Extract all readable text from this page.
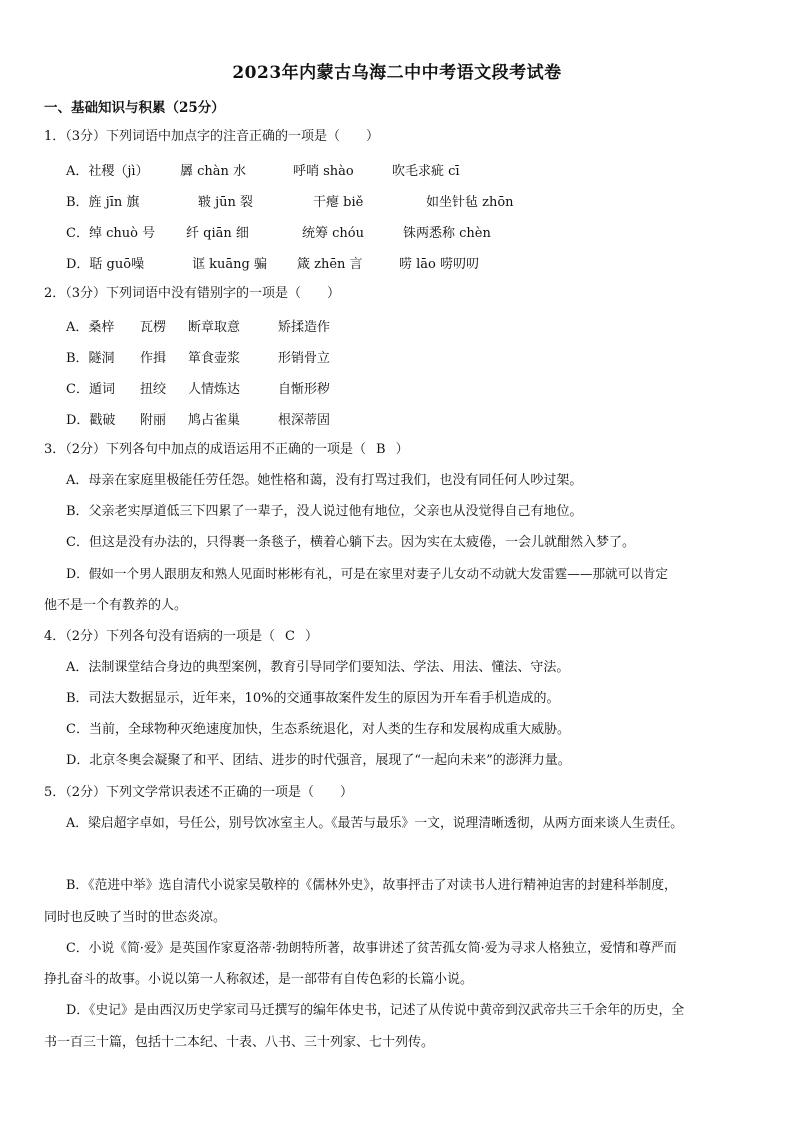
2023年内蒙古乌海二中中考语文段考试卷
一、基础知识与积累（25分）
1．（3分）下列词语中加点字的注音正确的一项是（　　）
A．社稷（jì） 羼 chàn 水	呼哨 shào	吹毛求疵 cī
B．旌 jīn 旗	皲 jūn 裂	干瘪 biě	如坐针毡 zhōn
C．绰 chuò 号 纤 qiān 细	统筹 chóu	铢两悉称 chèn
D．聒 guō噪	诓 kuāng 骗 箴 zhēn 言	唠 lāo 唠叨叨
2．（3分）下列词语中没有错别字的一项是（　　）
A．桑梓 瓦楞 断章取意	矫揉造作
B．隧洞 作揖 箪食壶浆	形销骨立
C．遁词 扭绞 人情炼达	自惭形秽
D．戳破 附丽 鸠占雀巢	根深蒂固
3．（2分）下列各句中加点的成语运用不正确的一项是（ B ）
A．母亲在家庭里极能任劳任怨。她性格和蔼，没有打骂过我们，也没有同任何人吵过架。
B．父亲老实厚道低三下四累了一辈子，没人说过他有地位，父亲也从没觉得自己有地位。
C．但这是没有办法的，只得裹一条毯子，横着心躺下去。因为实在太疲倦，一会儿就酣然入梦了。
D．假如一个男人跟朋友和熟人见面时彬彬有礼，可是在家里对妻子儿女动不动就大发雷霆——那就可以肯定
他不是一个有教养的人。
4．（2分）下列各句没有语病的一项是（ C ）
A．法制课堂结合身边的典型案例，教育引导同学们要知法、学法、用法、懂法、守法。
B．司法大数据显示，近年来，10%的交通事故案件发生的原因为开车看手机造成的。
C．当前，全球物种灭绝速度加快，生态系统退化，对人类的生存和发展构成重大威胁。
D．北京冬奥会凝聚了和平、团结、进步的时代强音，展现了“一起向未来”的澎湃力量。
5．（2分）下列文学常识表述不正确的一项是（　　）
A．梁启超字卓如，号任公，别号饮冰室主人。《最苦与最乐》一文，说理清晰透彻，从两方面来谈人生责任。
B．《范进中举》选自清代小说家吴敬梓的《儒林外史》，故事抨击了对读书人进行精神迫害的封建科举制度，
同时也反映了当时的世态炎凉。
C．小说《简·爱》是英国作家夏洛蒂·勃朗特所著，故事讲述了贫苦孤女简·爱为寻求人格独立，爱情和尊严而
挣扎奋斗的故事。小说以第一人称叙述，是一部带有自传色彩的长篇小说。
D．《史记》是由西汉历史学家司马迁撰写的编年体史书，记述了从传说中黄帝到汉武帝共三千余年的历史，全
书一百三十篇，包括十二本纪、十表、八书、三十列家、七十列传。
